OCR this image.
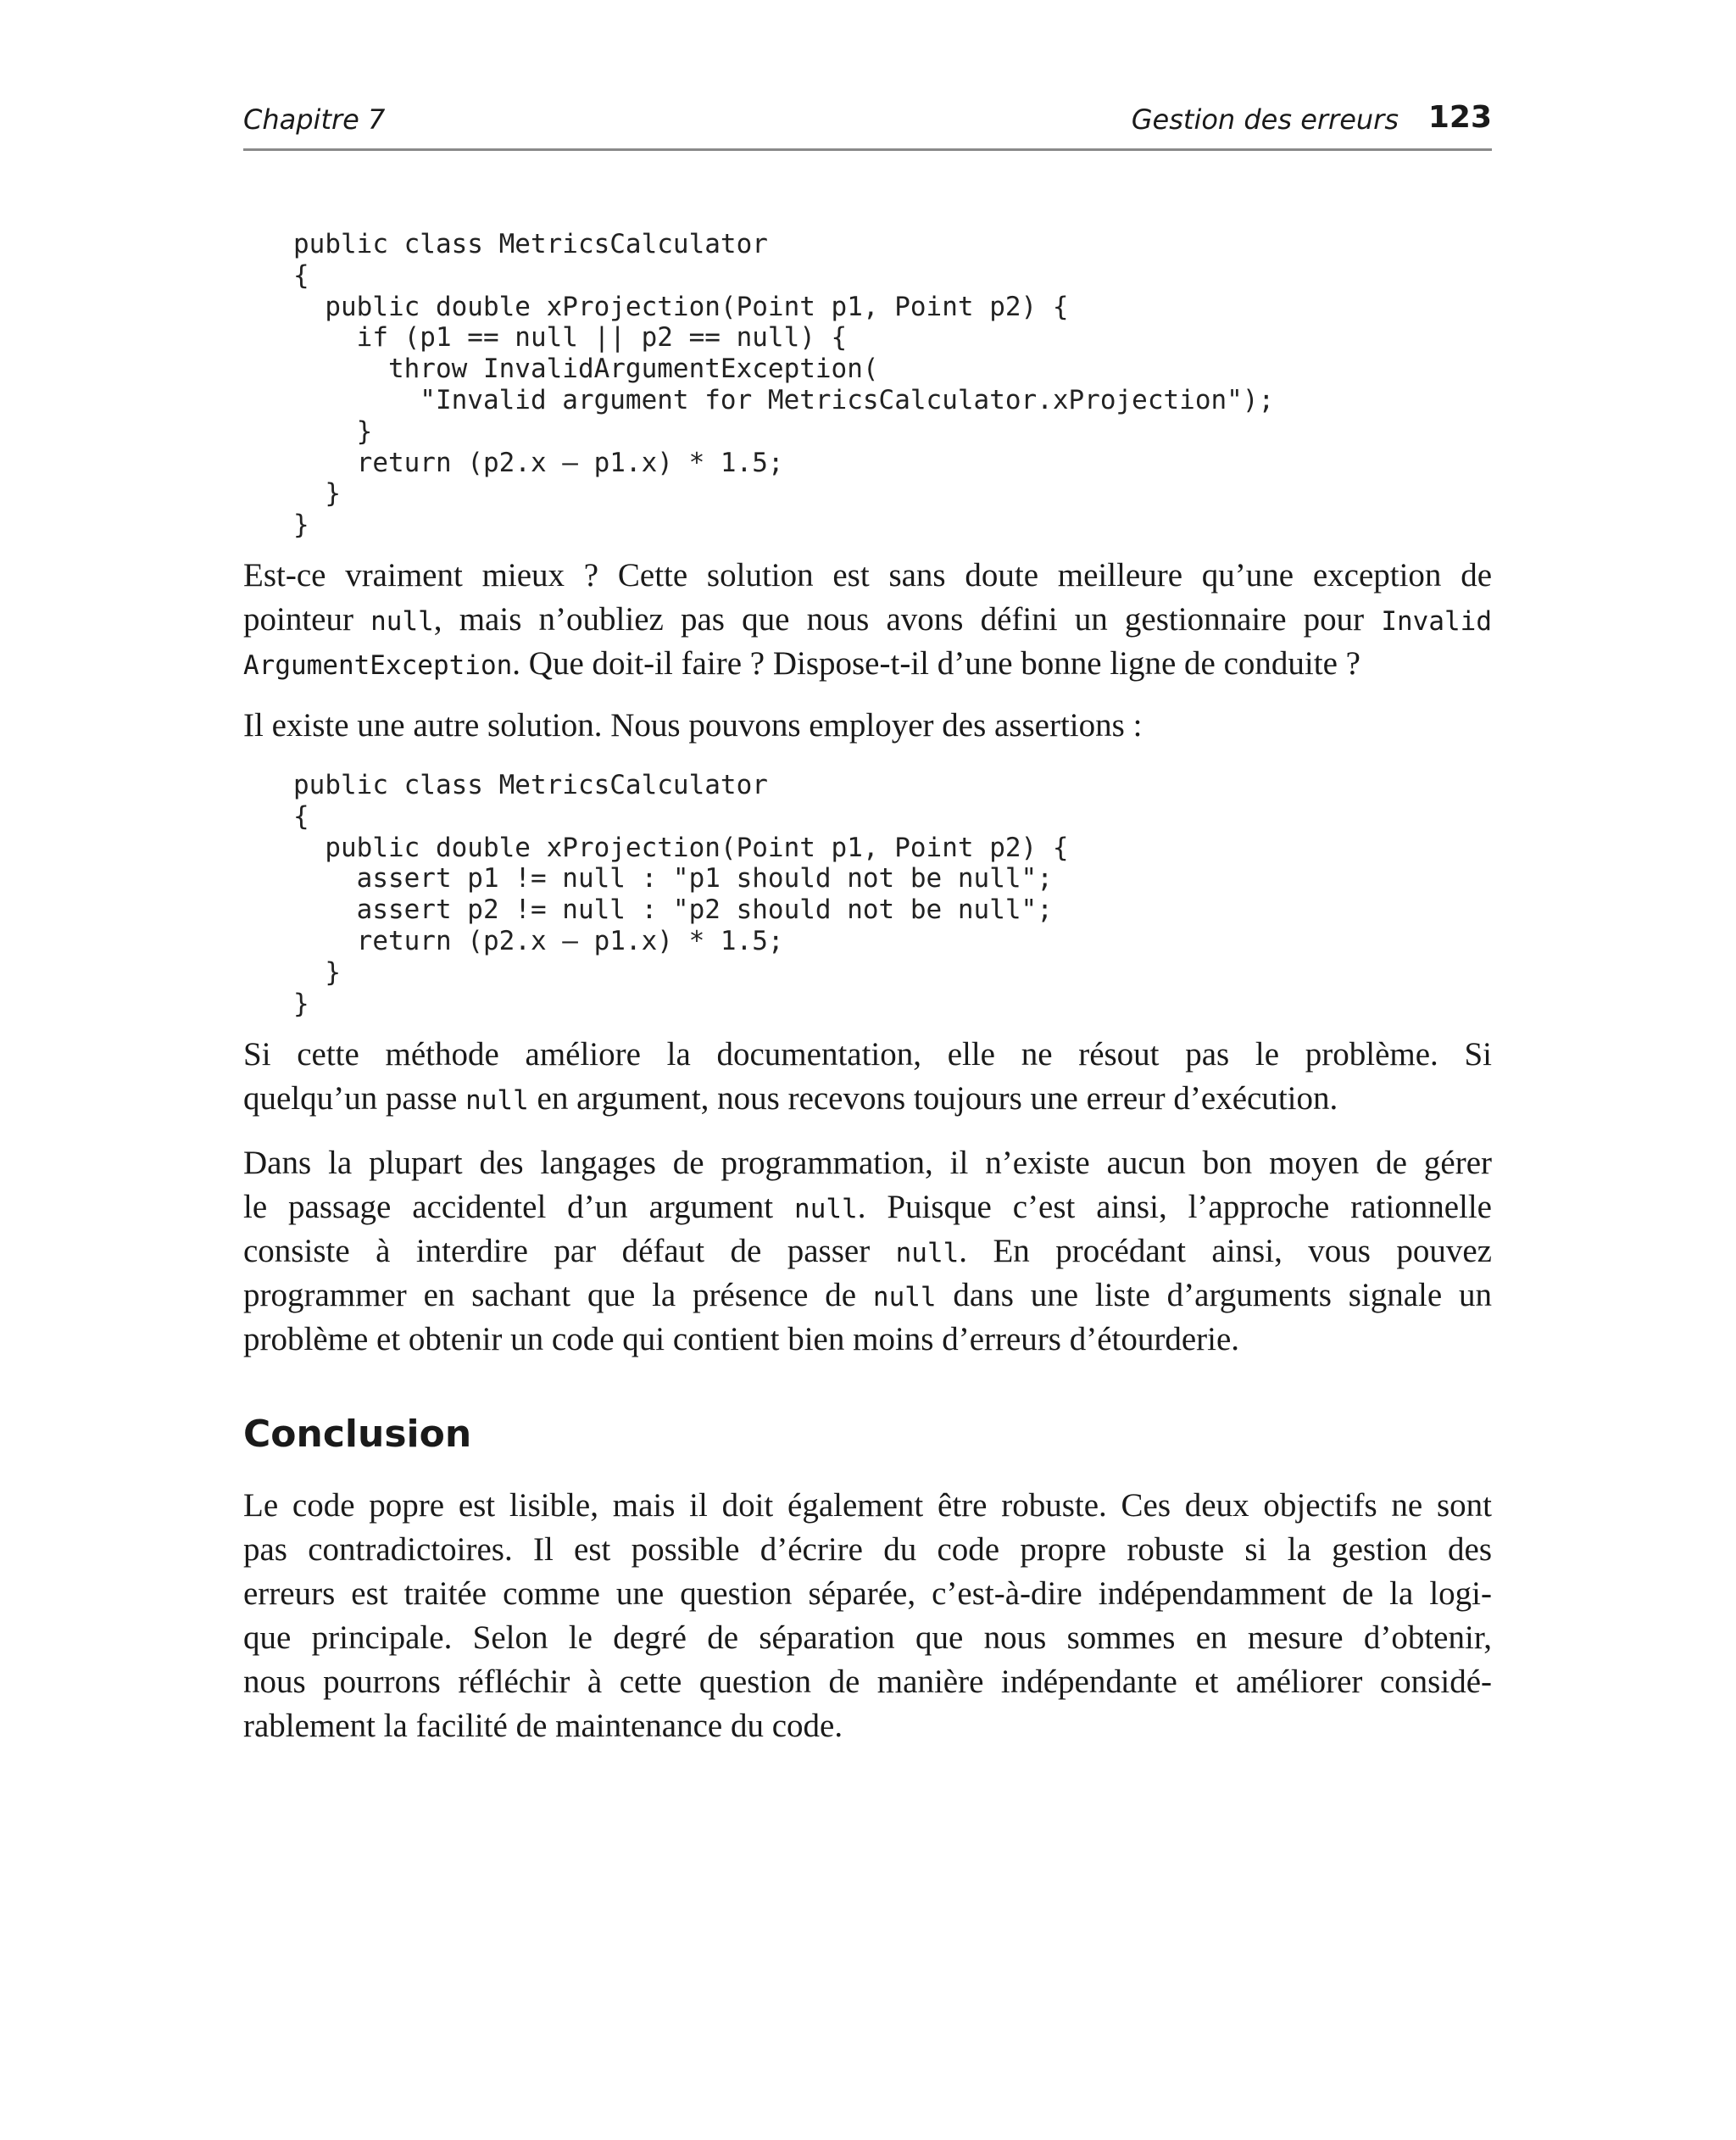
Chapitre 7	Gestion des erreurs 123
public class MetricsCalculator
{
public double xProjection(Point p1, Point p2) {
if (p1 == null || p2 == null) {
throw InvalidArgumentException(
"Invalid argument for MetricsCalculator.xProjection");
}
return (p2.x – p1.x) * 1.5;
}
}
Est-ce vraiment mieux ? Cette solution est sans doute meilleure qu’une exception de
pointeur null, mais n’oubliez pas que nous avons défini un gestionnaire pour Invalid
ArgumentException. Que doit-il faire ? Dispose-t-il d’une bonne ligne de conduite ?
Il existe une autre solution. Nous pouvons employer des assertions :
public class MetricsCalculator
{
public double xProjection(Point p1, Point p2) {
assert p1 != null : "p1 should not be null";
assert p2 != null : "p2 should not be null";
return (p2.x – p1.x) * 1.5;
}
}
Si cette méthode améliore la documentation, elle ne résout pas le problème. Si
quelqu’un passe null en argument, nous recevons toujours une erreur d’exécution.
Dans la plupart des langages de programmation, il n’existe aucun bon moyen de gérer
le passage accidentel d’un argument null. Puisque c’est ainsi, l’approche rationnelle
consiste à interdire par défaut de passer null. En procédant ainsi, vous pouvez
programmer en sachant que la présence de null dans une liste d’arguments signale un
problème et obtenir un code qui contient bien moins d’erreurs d’étourderie.
Conclusion
Le code popre est lisible, mais il doit également être robuste. Ces deux objectifs ne sont
pas contradictoires. Il est possible d’écrire du code propre robuste si la gestion des
erreurs est traitée comme une question séparée, c’est-à-dire indépendamment de la logi-
que principale. Selon le degré de séparation que nous sommes en mesure d’obtenir,
nous pourrons réfléchir à cette question de manière indépendante et améliorer considé-
rablement la facilité de maintenance du code.
